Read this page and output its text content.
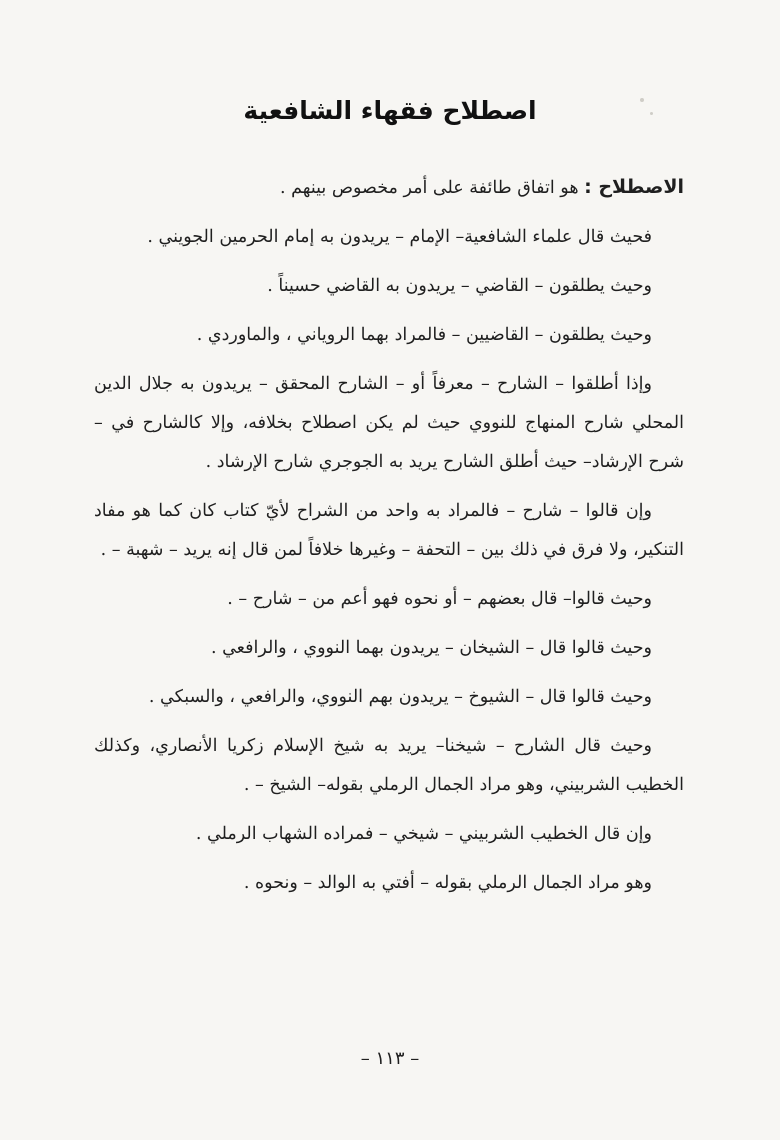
اصطلاح فقهاء الشافعية

الاصطلاح : هو اتفاق طائفة على أمر مخصوص بينهم .

فحيث قال علماء الشافعية– الإمام – يريدون به إمام الحرمين الجويني .

وحيث يطلقون – القاضي – يريدون به القاضي حسيناً .

وحيث يطلقون – القاضيين – فالمراد بهما الروياني ، والماوردي .

وإذا أطلقوا – الشارح – معرفاً أو – الشارح المحقق – يريدون به جلال الدين المحلي شارح المنهاج للنووي حيث لم يكن اصطلاح بخلافه، وإلا كالشارح في – شرح الإرشاد– حيث أطلق الشارح يريد به الجوجري شارح الإرشاد .

وإن قالوا – شارح – فالمراد به واحد من الشراح لأيّ كتاب كان كما هو مفاد التنكير، ولا فرق في ذلك بين – التحفة – وغيرها خلافاً لمن قال إنه يريد – شهبة – .

وحيث قالوا– قال بعضهم – أو نحوه فهو أعم من – شارح – .

وحيث قالوا قال – الشيخان – يريدون بهما النووي ، والرافعي .

وحيث قالوا قال – الشيوخ – يريدون بهم النووي، والرافعي ، والسبكي .

وحيث قال الشارح – شيخنا– يريد به شيخ الإسلام زكريا الأنصاري، وكذلك الخطيب الشربيني، وهو مراد الجمال الرملي بقوله– الشيخ – .

وإن قال الخطيب الشربيني – شيخي – فمراده الشهاب الرملي .

وهو مراد الجمال الرملي بقوله – أفتي به الوالد – ونحوه .

– ١١٣ –
